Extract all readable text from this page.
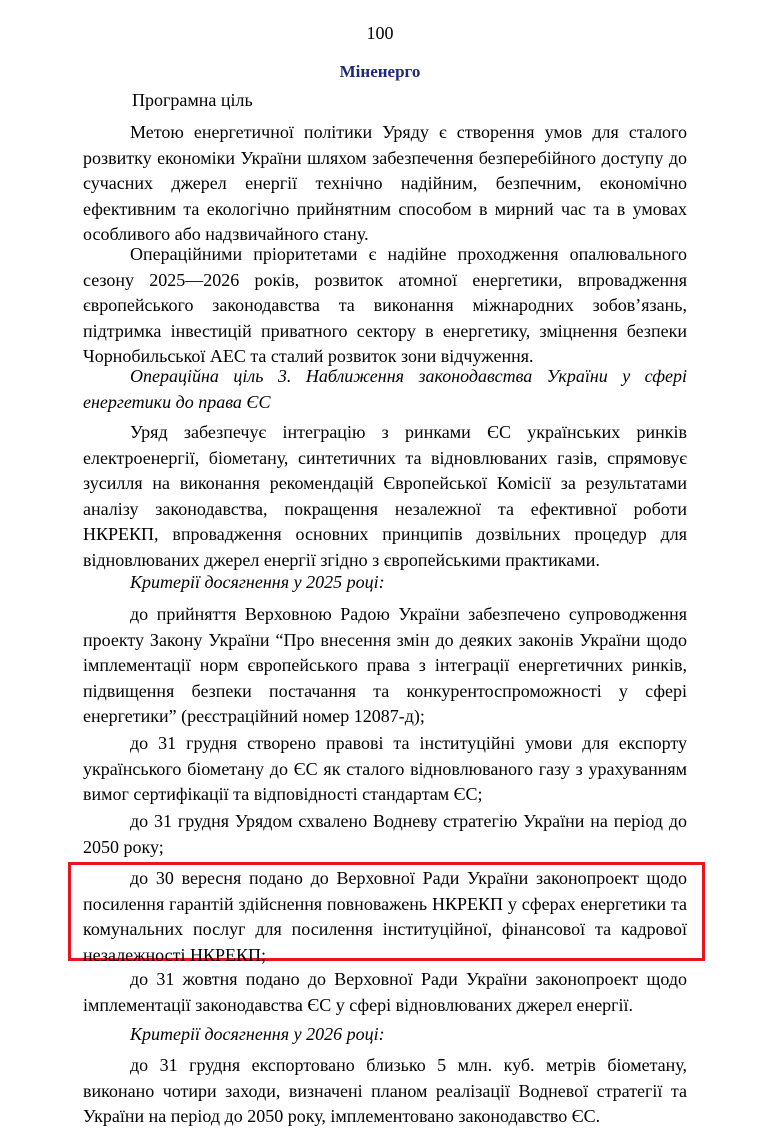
100
Міненерго

Програмна ціль

Метою енергетичної політики Уряду є створення умов для сталого розвитку економіки України шляхом забезпечення безперебійного доступу до сучасних джерел енергії технічно надійним, безпечним, економічно ефективним та екологічно прийнятним способом в мирний час та в умовах особливого або надзвичайного стану.

Операційними пріоритетами є надійне проходження опалювального сезону 2025—2026 років, розвиток атомної енергетики, впровадження європейського законодавства та виконання міжнародних зобов’язань, підтримка інвестицій приватного сектору в енергетику, зміцнення безпеки Чорнобильської АЕС та сталий розвиток зони відчуження.

Операційна ціль 3. Наближення законодавства України у сфері енергетики до права ЄС

Уряд забезпечує інтеграцію з ринками ЄС українських ринків електроенергії, біометану, синтетичних та відновлюваних газів, спрямовує зусилля на виконання рекомендацій Європейської Комісії за результатами аналізу законодавства, покращення незалежної та ефективної роботи НКРЕКП, впровадження основних принципів дозвільних процедур для відновлюваних джерел енергії згідно з європейськими практиками.

Критерії досягнення у 2025 році:

до прийняття Верховною Радою України забезпечено супроводження проекту Закону України “Про внесення змін до деяких законів України щодо імплементації норм європейського права з інтеграції енергетичних ринків, підвищення безпеки постачання та конкурентоспроможності у сфері енергетики” (реєстраційний номер 12087-д);

до 31 грудня створено правові та інституційні умови для експорту українського біометану до ЄС як сталого відновлюваного газу з урахуванням вимог сертифікації та відповідності стандартам ЄС;

до 31 грудня Урядом схвалено Водневу стратегію України на період до 2050 року;

до 30 вересня подано до Верховної Ради України законопроект щодо посилення гарантій здійснення повноважень НКРЕКП у сферах енергетики та комунальних послуг для посилення інституційної, фінансової та кадрової незалежності НКРЕКП;

до 31 жовтня подано до Верховної Ради України законопроект щодо імплементації законодавства ЄС у сфері відновлюваних джерел енергії.

Критерії досягнення у 2026 році:

до 31 грудня експортовано близько 5 млн. куб. метрів біометану, виконано чотири заходи, визначені планом реалізації Водневої стратегії та України на період до 2050 року, імплементовано законодавство ЄС.
